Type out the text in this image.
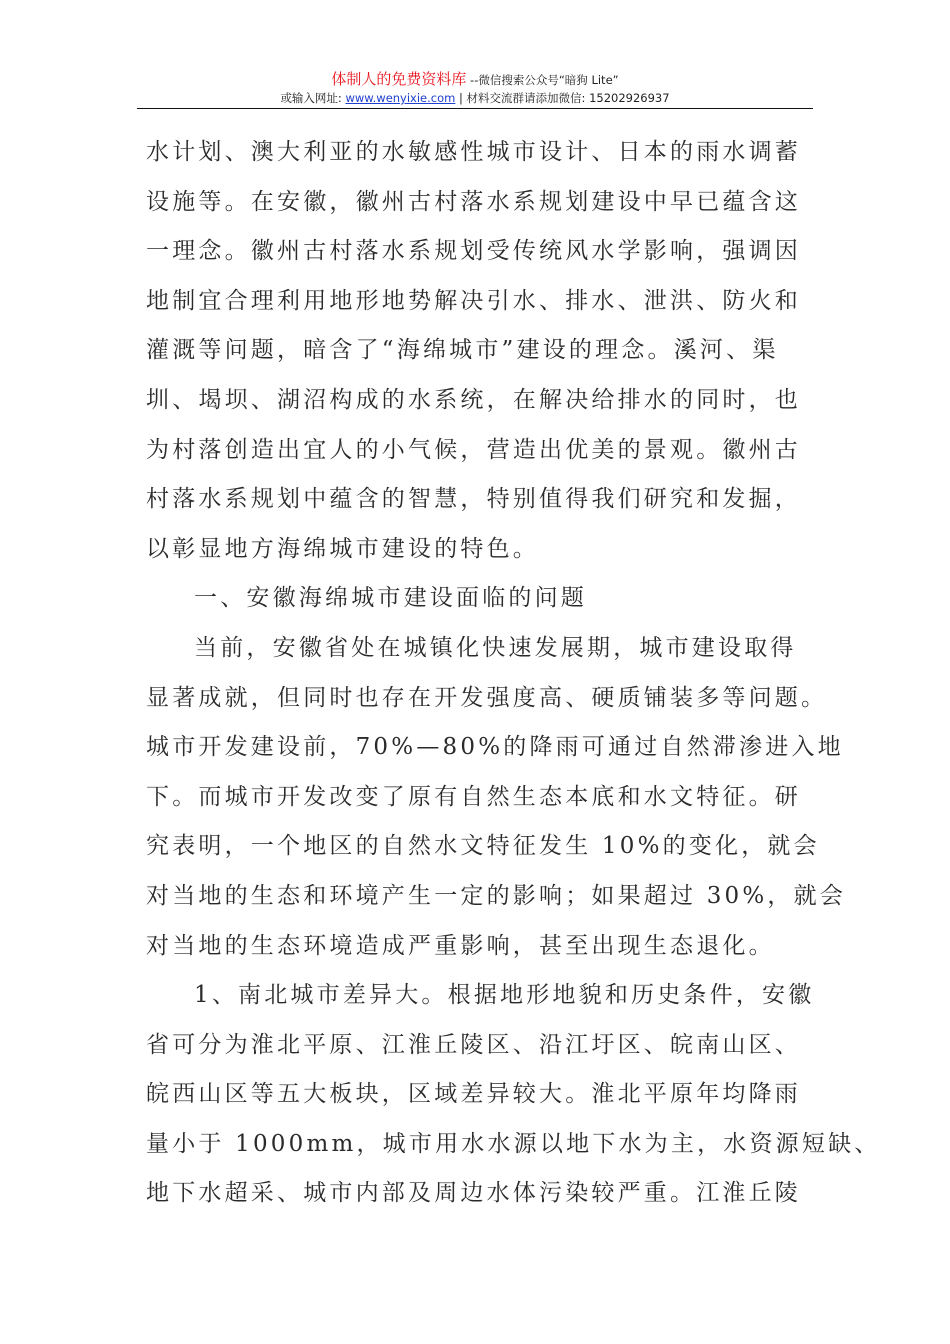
体制人的免费资料库 --微信搜索公众号“暗狗 Lite”
或输入网址: www.wenyixie.com | 材料交流群请添加微信: 15202926937
水计划、澳大利亚的水敏感性城市设计、日本的雨水调蓄
设施等。在安徽，徽州古村落水系规划建设中早已蕴含这
一理念。徽州古村落水系规划受传统风水学影响，强调因
地制宜合理利用地形地势解决引水、排水、泄洪、防火和
灌溉等问题，暗含了“海绵城市”建设的理念。溪河、渠
圳、堨坝、湖沼构成的水系统，在解决给排水的同时，也
为村落创造出宜人的小气候，营造出优美的景观。徽州古
村落水系规划中蕴含的智慧，特别值得我们研究和发掘，
以彰显地方海绵城市建设的特色。
一、安徽海绵城市建设面临的问题
当前，安徽省处在城镇化快速发展期，城市建设取得
显著成就，但同时也存在开发强度高、硬质铺装多等问题。
城市开发建设前，70%—80%的降雨可通过自然滞渗进入地
下。而城市开发改变了原有自然生态本底和水文特征。研
究表明，一个地区的自然水文特征发生 10%的变化，就会
对当地的生态和环境产生一定的影响；如果超过 30%，就会
对当地的生态环境造成严重影响，甚至出现生态退化。
1、南北城市差异大。根据地形地貌和历史条件，安徽
省可分为淮北平原、江淮丘陵区、沿江圩区、皖南山区、
皖西山区等五大板块，区域差异较大。淮北平原年均降雨
量小于 1000mm，城市用水水源以地下水为主，水资源短缺、
地下水超采、城市内部及周边水体污染较严重。江淮丘陵
